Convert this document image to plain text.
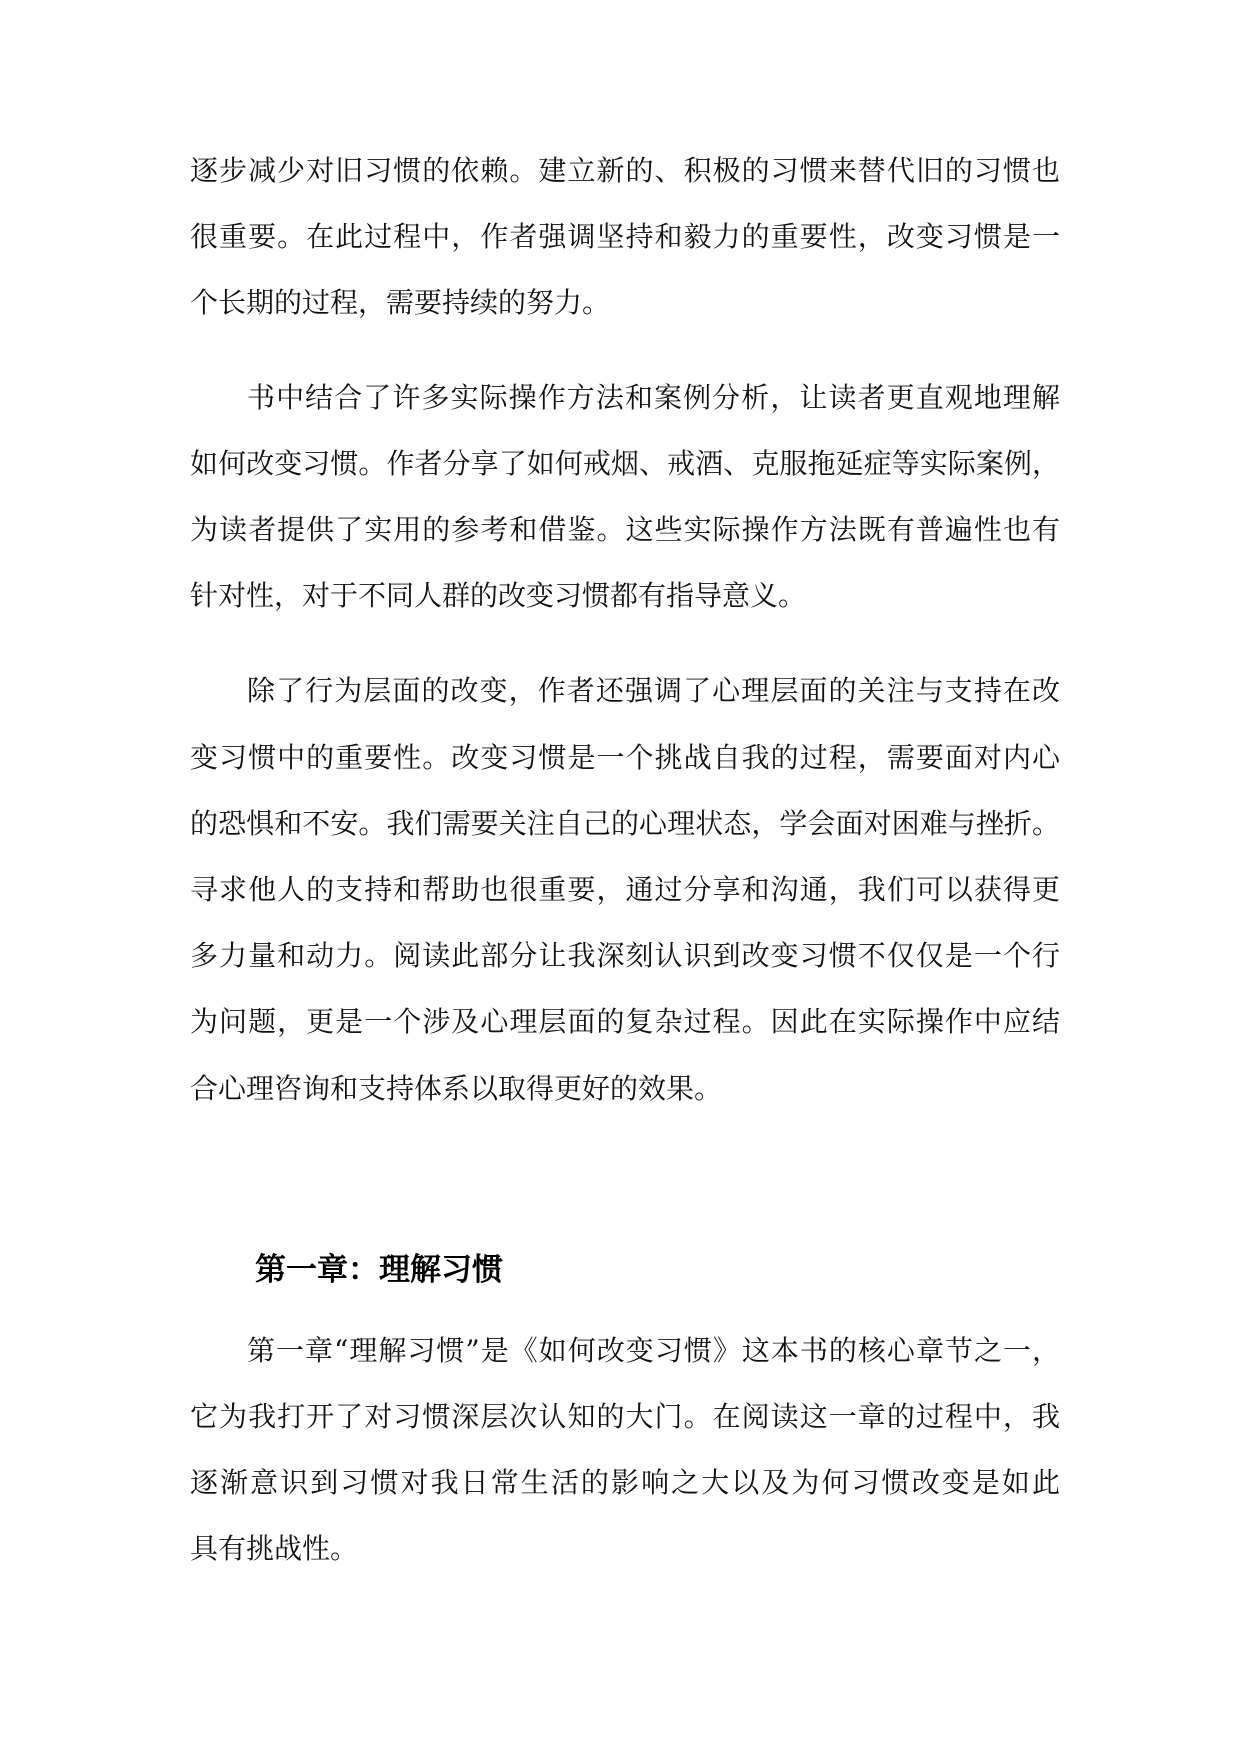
逐步减少对旧习惯的依赖。建立新的、积极的习惯来替代旧的习惯也
很重要。在此过程中，作者强调坚持和毅力的重要性，改变习惯是一
个长期的过程，需要持续的努力。
书中结合了许多实际操作方法和案例分析，让读者更直观地理解
如何改变习惯。作者分享了如何戒烟、戒酒、克服拖延症等实际案例，
为读者提供了实用的参考和借鉴。这些实际操作方法既有普遍性也有
针对性，对于不同人群的改变习惯都有指导意义。
除了行为层面的改变，作者还强调了心理层面的关注与支持在改
变习惯中的重要性。改变习惯是一个挑战自我的过程，需要面对内心
的恐惧和不安。我们需要关注自己的心理状态，学会面对困难与挫折。
寻求他人的支持和帮助也很重要，通过分享和沟通，我们可以获得更
多力量和动力。阅读此部分让我深刻认识到改变习惯不仅仅是一个行
为问题，更是一个涉及心理层面的复杂过程。因此在实际操作中应结
合心理咨询和支持体系以取得更好的效果。
第一章：理解习惯
第一章“理解习惯”是《如何改变习惯》这本书的核心章节之一，
它为我打开了对习惯深层次认知的大门。在阅读这一章的过程中，我
逐渐意识到习惯对我日常生活的影响之大以及为何习惯改变是如此
具有挑战性。
